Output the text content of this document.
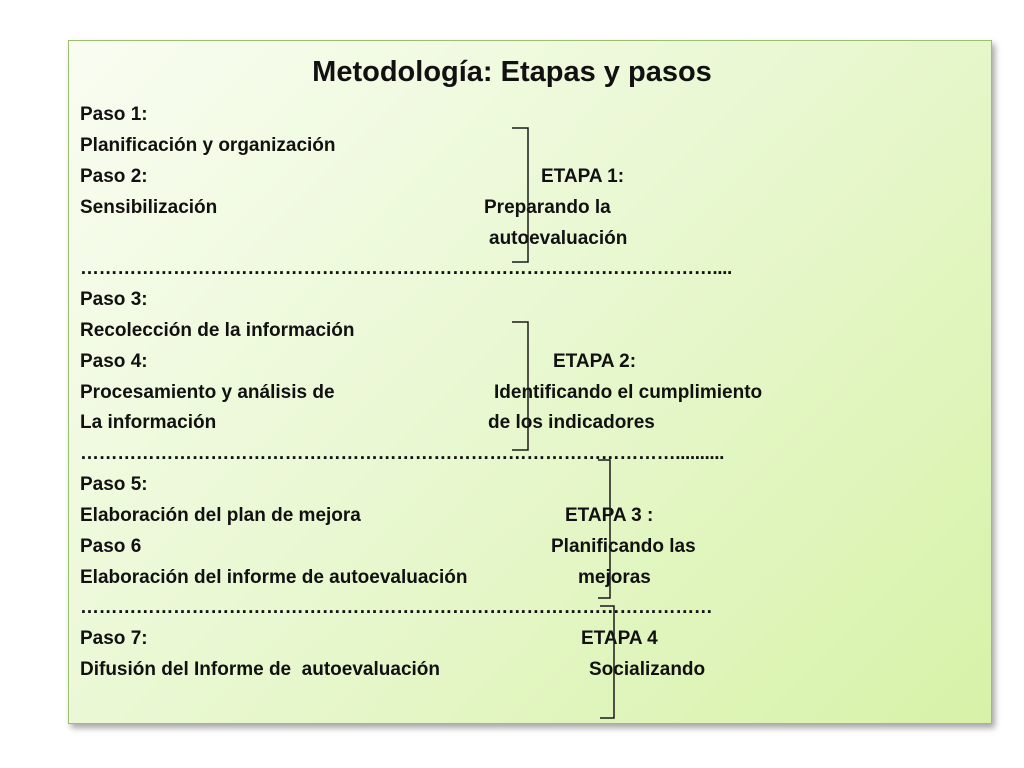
Metodología: Etapas y pasos
Paso 1:
Planificación y organización
Paso 2:
Sensibilización
…………………………………………………………………………………………....
Paso 3:
Recolección de la información
Paso 4:
Procesamiento y análisis de
La información
……………………………………………………………………………………..........
Paso 5:
Elaboración del plan de mejora
Paso 6
Elaboración del informe de autoevaluación
…………………………………………………………………………………………
Paso 7:
Difusión del Informe de  autoevaluación
ETAPA 1:
Preparando la
autoevaluación
ETAPA 2:
Identificando el cumplimiento
de los indicadores
ETAPA 3 :
Planificando las
mejoras
ETAPA 4
Socializando
